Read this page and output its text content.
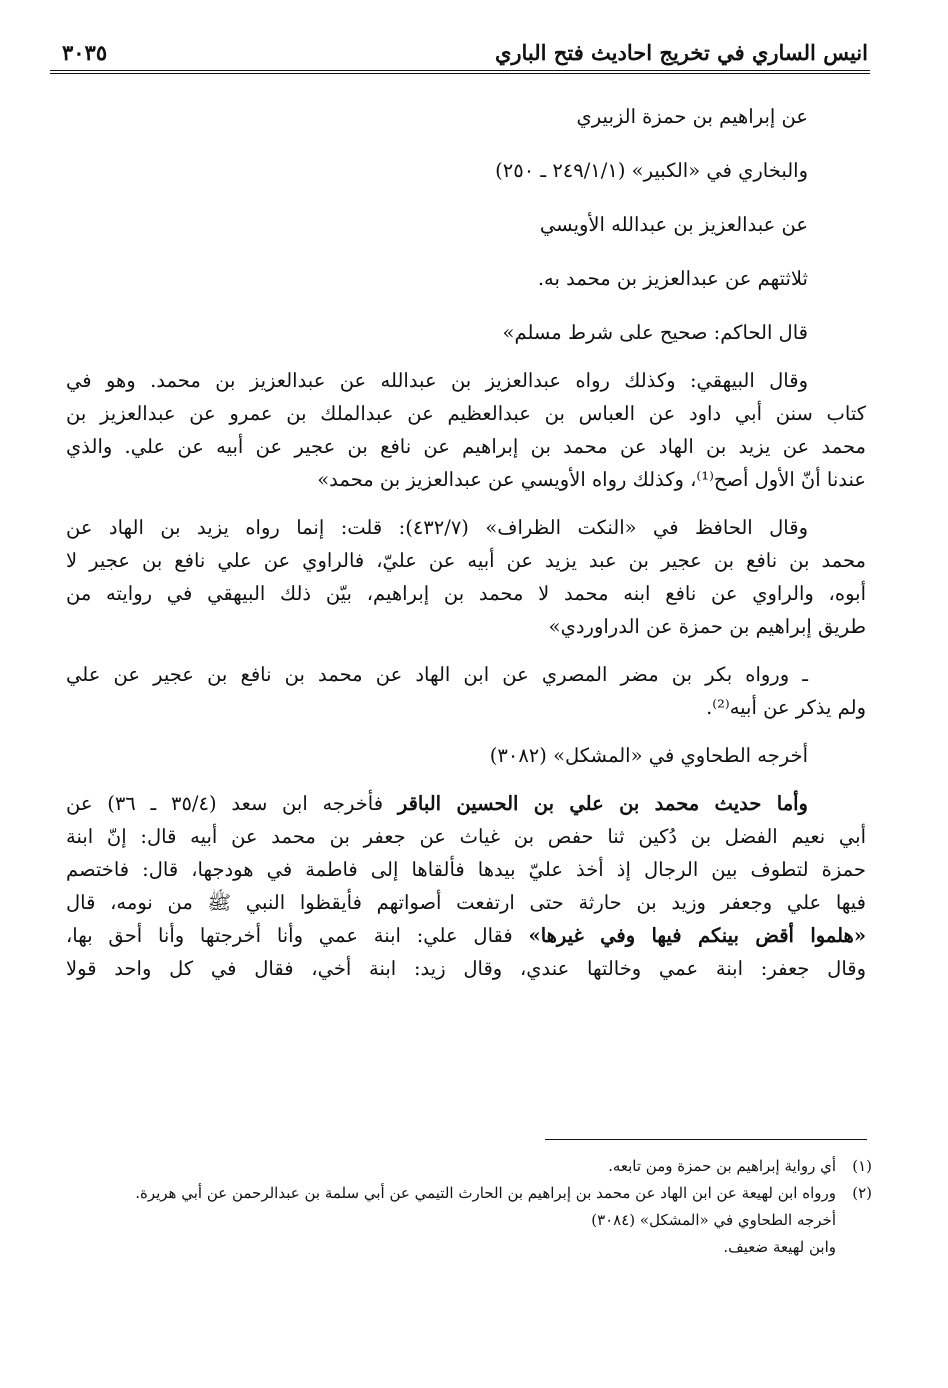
انيس الساري في تخريج احاديث فتح الباري
٣٠٣٥
عن إبراهيم بن حمزة الزبيري
والبخاري في «الكبير» (٢٤٩/١/١ ـ ٢٥٠)
عن عبدالعزيز بن عبدالله الأويسي
ثلاثتهم عن عبدالعزيز بن محمد به.
قال الحاكم: صحيح على شرط مسلم»
وقال البيهقي: وكذلك رواه عبدالعزيز بن عبدالله عن عبدالعزيز بن محمد. وهو في
كتاب سنن أبي داود عن العباس بن عبدالعظيم عن عبدالملك بن عمرو عن عبدالعزيز بن
محمد عن يزيد بن الهاد عن محمد بن إبراهيم عن نافع بن عجير عن أبيه عن علي. والذي
عندنا أنّ الأول أصح⁽¹⁾، وكذلك رواه الأويسي عن عبدالعزيز بن محمد»
وقال الحافظ في «النكت الظراف» (٤٣٢/٧): قلت: إنما رواه يزيد بن الهاد عن
محمد بن نافع بن عجير بن عبد يزيد عن أبيه عن عليّ، فالراوي عن علي نافع بن عجير لا
أبوه، والراوي عن نافع ابنه محمد لا محمد بن إبراهيم، بيّن ذلك البيهقي في روايته من
طريق إبراهيم بن حمزة عن الدراوردي»
ـ ورواه بكر بن مضر المصري عن ابن الهاد عن محمد بن نافع بن عجير عن علي
ولم يذكر عن أبيه⁽²⁾.
أخرجه الطحاوي في «المشكل» (٣٠٨٢)
وأما حديث محمد بن علي بن الحسين الباقر فأخرجه ابن سعد (٣٥/٤ ـ ٣٦) عن
أبي نعيم الفضل بن دُكين ثنا حفص بن غياث عن جعفر بن محمد عن أبيه قال: إنّ ابنة
حمزة لتطوف بين الرجال إذ أخذ عليّ بيدها فألقاها إلى فاطمة في هودجها، قال: فاختصم
فيها علي وجعفر وزيد بن حارثة حتى ارتفعت أصواتهم فأيقظوا النبي ﷺ من نومه، قال
«هلموا أقض بينكم فيها وفي غيرها» فقال علي: ابنة عمي وأنا أخرجتها وأنا أحق بها،
وقال جعفر: ابنة عمي وخالتها عندي، وقال زيد: ابنة أخي، فقال في كل واحد قولا
(١)
أي رواية إبراهيم بن حمزة ومن تابعه.
(٢)
ورواه ابن لهيعة عن ابن الهاد عن محمد بن إبراهيم بن الحارث التيمي عن أبي سلمة بن عبدالرحمن عن أبي هريرة.
أخرجه الطحاوي في «المشكل» (٣٠٨٤)
وابن لهيعة ضعيف.
